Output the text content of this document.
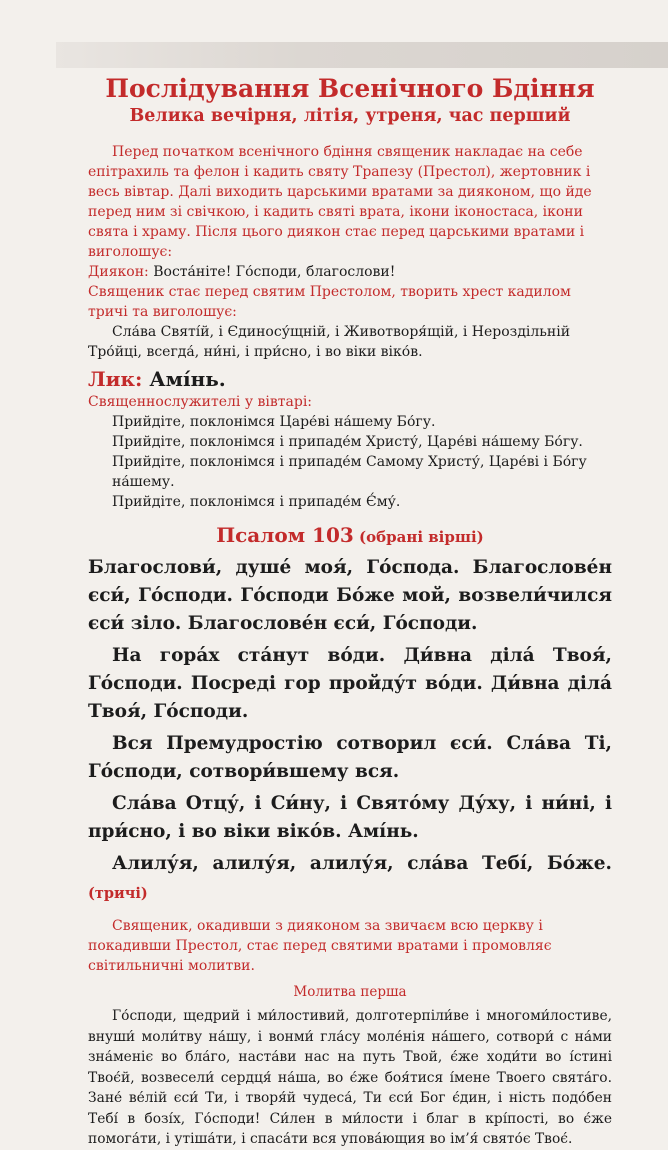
Послідування Всенічного Бдіння
Велика вечірня, літія, утреня, час перший

Перед початком всенічного бдіння священик накладає на себе епітрахиль та фелон і кадить святу Трапезу (Престол), жертовник і весь вівтар. Далі виходить царськими вратами за дияконом, що йде перед ним зі свічкою, і кадить святі врата, ікони іконостаса, ікони свята і храму. Після цього диякон стає перед царськими вратами і виголошує:

Диякон: Воста́ніте! Го́споди, благослови!

Священик стає перед святим Престолом, творить хрест кадилом тричі та виголошує:

Сла́ва Святі́й, і Єдиносу́щній, і Животворя́щій, і Нероздільній Тро́йці, всегда́, ни́ні, і при́сно, і во віки віко́в.

Лик: Амі́нь.

Священнослужителі у вівтарі:

Прийдіте, поклонімся Царе́ві на́шему Бо́гу.

Прийдіте, поклонімся і припаде́м Христу́, Царе́ві на́шему Бо́гу.

Прийдіте, поклонімся і припаде́м Самому Христу́, Царе́ві і Бо́гу на́шему.

Прийдіте, поклонімся і припаде́м Є́му́.

Псалом 103 (обрані вірші)

Благослови́, душе́ моя́, Го́спода. Благослове́н єси́, Го́споди. Го́споди Бо́же мой, возвели́чился єси́ зіло. Благослове́н єси́, Го́споди.

На гора́х ста́нут во́ди. Ди́вна ділá Твоя́, Го́споди. Посреді гор пройду́т во́ди. Ди́вна ділá Твоя́, Го́споди.

Вся Премудростію сотворил єси́. Сла́ва Ті, Го́споди, сотвори́вшему вся.

Сла́ва Отцу́, і Си́ну, і Свято́му Ду́ху, і ни́ні, і при́сно, і во віки віко́в. Амі́нь.

Алилу́я, алилу́я, алилу́я, сла́ва Тебі́, Бо́же. (тричі)

Священик, окадивши з дияконом за звичаєм всю церкву і покадивши Престол, стає перед святими вратами і промовляє світильничні молитви.

Молитва перша

Го́споди, щедрий і ми́лостивий, долготерпіли́ве і многоми́лостиве, внуши́ моли́тву на́шу, і вонми́ гла́су моле́нія на́шего, сотвори́ с на́ми зна́меніє во бла́го, наста́ви нас на путь Твой, є́же ходи́ти во і́стині Твоє́й, возвесели́ сердця́ на́ша, во є́же боя́тися і́мене Твоего свята́го. Зане́ ве́лій єси́ Ти, і творя́й чудеса́, Ти єси́ Бог є́дин, і ність подо́бен Тебі́ в бозі́х, Го́споди! Си́лен в ми́лости і благ в крі́пості, во є́же помога́ти, і утіша́ти, і спаса́ти вся упова́ющия во ім’я́ свято́є Твоє́.
